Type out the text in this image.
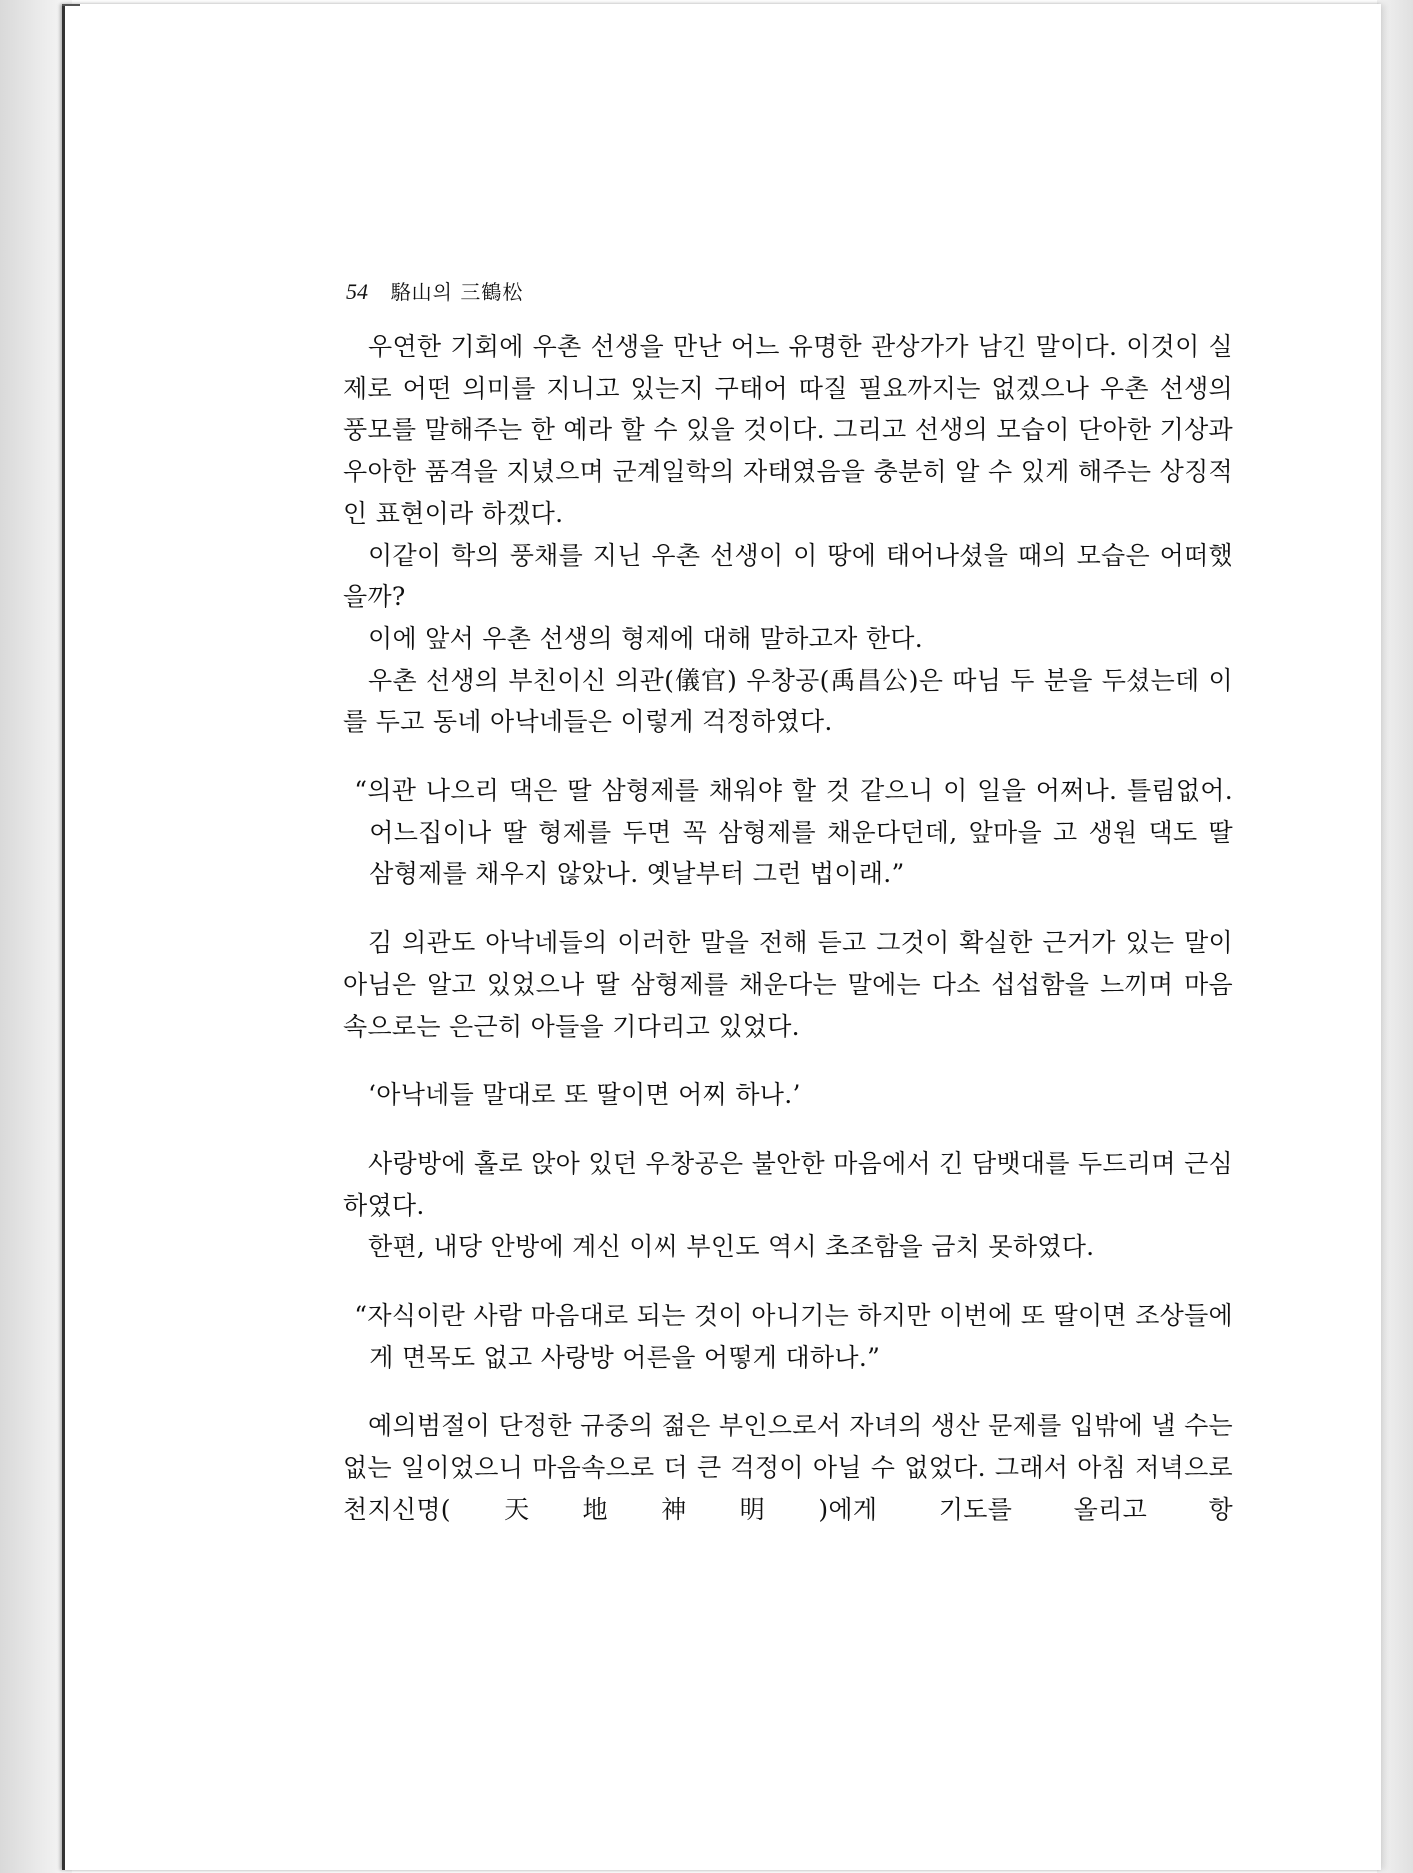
54 駱山의 三鶴松

우연한 기회에 우촌 선생을 만난 어느 유명한 관상가가 남긴 말이다. 이것이 실제로 어떤 의미를 지니고 있는지 구태어 따질 필요까지는 없겠으나 우촌 선생의 풍모를 말해주는 한 예라 할 수 있을 것이다. 그리고 선생의 모습이 단아한 기상과 우아한 품격을 지녔으며 군계일학의 자태였음을 충분히 알 수 있게 해주는 상징적인 표현이라 하겠다.

이같이 학의 풍채를 지닌 우촌 선생이 이 땅에 태어나셨을 때의 모습은 어떠했을까?

이에 앞서 우촌 선생의 형제에 대해 말하고자 한다.

우촌 선생의 부친이신 의관(儀官) 우창공(禹昌公)은 따님 두 분을 두셨는데 이를 두고 동네 아낙네들은 이렇게 걱정하였다.

“의관 나으리 댁은 딸 삼형제를 채워야 할 것 같으니 이 일을 어쩌나. 틀림없어. 어느집이나 딸 형제를 두면 꼭 삼형제를 채운다던데, 앞마을 고 생원 댁도 딸 삼형제를 채우지 않았나. 옛날부터 그런 법이래.”

김 의관도 아낙네들의 이러한 말을 전해 듣고 그것이 확실한 근거가 있는 말이 아님은 알고 있었으나 딸 삼형제를 채운다는 말에는 다소 섭섭함을 느끼며 마음 속으로는 은근히 아들을 기다리고 있었다.

‘아낙네들 말대로 또 딸이면 어찌 하나.’

사랑방에 홀로 앉아 있던 우창공은 불안한 마음에서 긴 담뱃대를 두드리며 근심하였다.

한편, 내당 안방에 계신 이씨 부인도 역시 초조함을 금치 못하였다.

“자식이란 사람 마음대로 되는 것이 아니기는 하지만 이번에 또 딸이면 조상들에게 면목도 없고 사랑방 어른을 어떻게 대하나.”

예의범절이 단정한 규중의 젊은 부인으로서 자녀의 생산 문제를 입밖에 낼 수는 없는 일이었으니 마음속으로 더 큰 걱정이 아닐 수 없었다. 그래서 아침 저녁으로 천지신명(天地神明)에게 기도를 올리고 항
